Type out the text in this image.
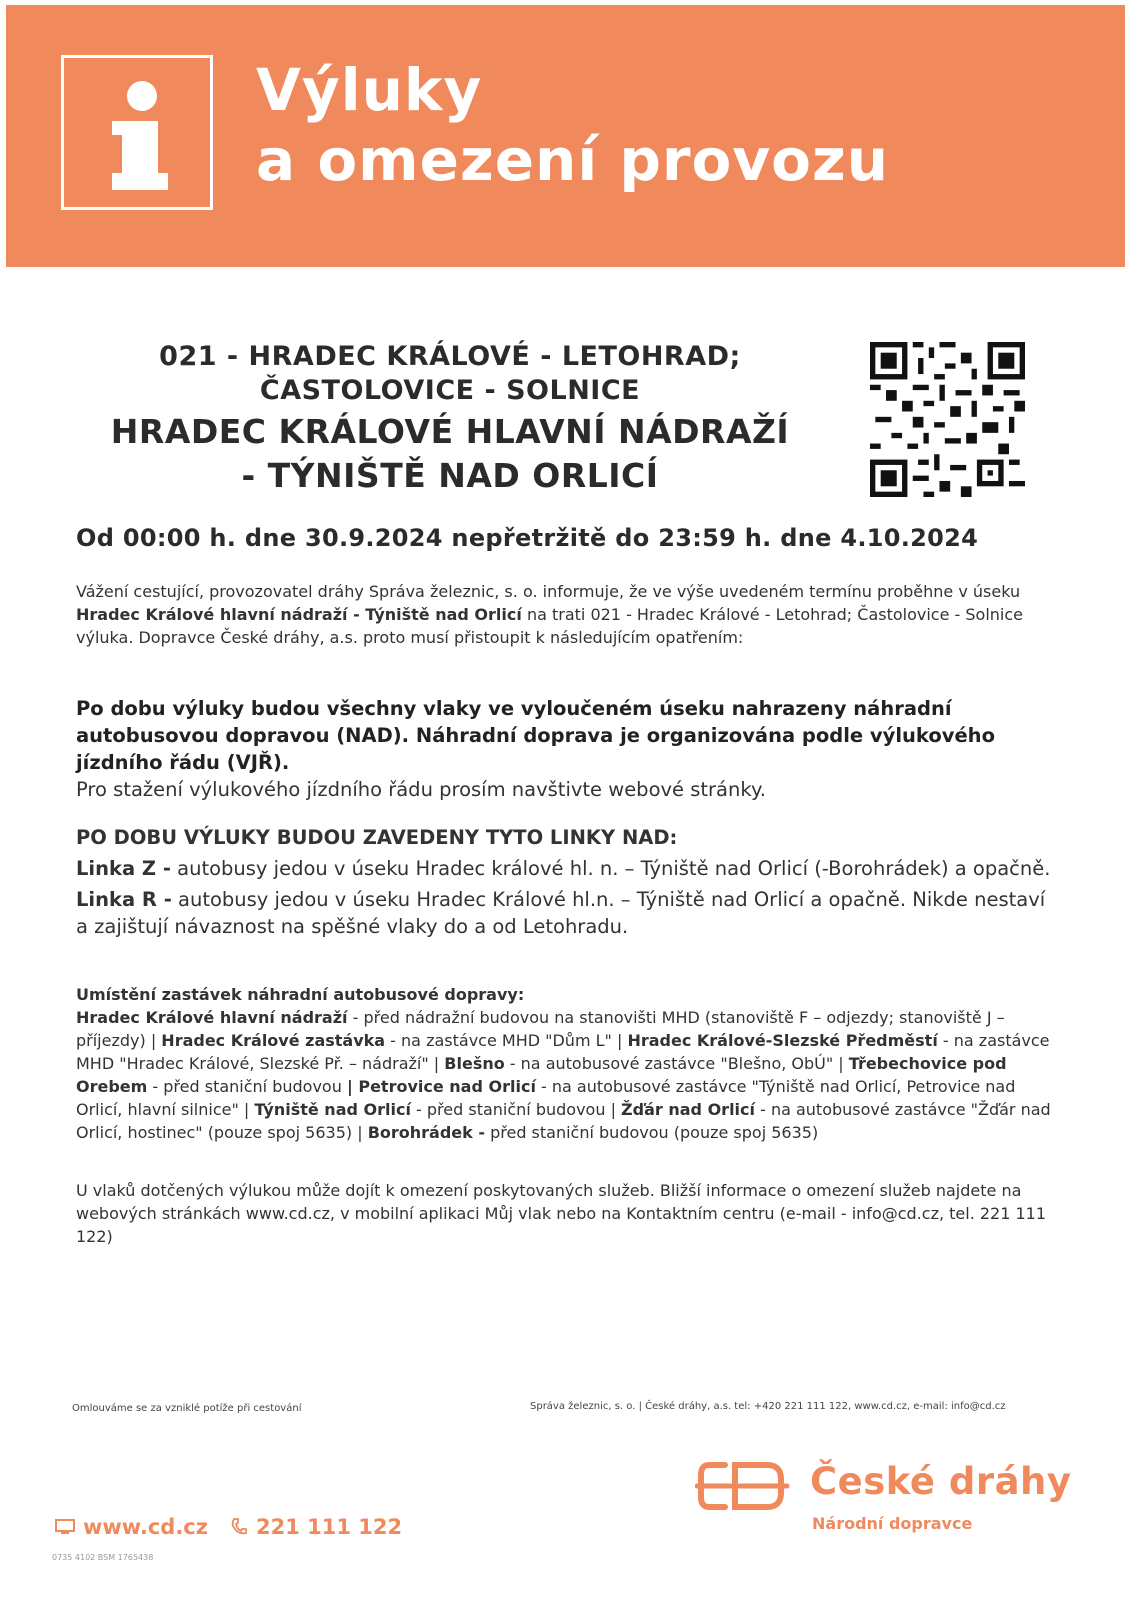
Výluky
a omezení provozu
021 - HRADEC KRÁLOVÉ - LETOHRAD;
ČASTOLOVICE - SOLNICE
HRADEC KRÁLOVÉ HLAVNÍ NÁDRAŽÍ
- TÝNIŠTĚ NAD ORLICÍ
Od 00:00 h. dne 30.9.2024 nepřetržitě do 23:59 h. dne 4.10.2024
Vážení cestující, provozovatel dráhy Správa železnic, s. o. informuje, že ve výše uvedeném termínu proběhne v úseku Hradec Králové hlavní nádraží - Týniště nad Orlicí na trati 021 - Hradec Králové - Letohrad; Častolovice - Solnice výluka. Dopravce České dráhy, a.s. proto musí přistoupit k následujícím opatřením:
Po dobu výluky budou všechny vlaky ve vyloučeném úseku nahrazeny náhradní autobusovou dopravou (NAD). Náhradní doprava je organizována podle výlukového jízdního řádu (VJŘ).
Pro stažení výlukového jízdního řádu prosím navštivte webové stránky.
PO DOBU VÝLUKY BUDOU ZAVEDENY TYTO LINKY NAD:
Linka Z - autobusy jedou v úseku Hradec králové hl. n. – Týniště nad Orlicí (-Borohrádek) a opačně.
Linka R - autobusy jedou v úseku Hradec Králové hl.n. – Týniště nad Orlicí a opačně. Nikde nestaví a zajištují návaznost na spěšné vlaky do a od Letohradu.
Umístění zastávek náhradní autobusové dopravy:
Hradec Králové hlavní nádraží - před nádražní budovou na stanovišti MHD (stanoviště F – odjezdy; stanoviště J – příjezdy) | Hradec Králové zastávka - na zastávce MHD "Dům L" | Hradec Králové-Slezské Předměstí - na zastávce MHD "Hradec Králové, Slezské Př. – nádraží" | Blešno - na autobusové zastávce "Blešno, ObÚ" | Třebechovice pod Orebem - před staniční budovou | Petrovice nad Orlicí - na autobusové zastávce "Týniště nad Orlicí, Petrovice nad Orlicí, hlavní silnice" | Týniště nad Orlicí - před staniční budovou | Žďár nad Orlicí - na autobusové zastávce "Žďár nad Orlicí, hostinec" (pouze spoj 5635) | Borohrádek - před staniční budovou (pouze spoj 5635)
U vlaků dotčených výlukou může dojít k omezení poskytovaných služeb. Bližší informace o omezení služeb najdete na webových stránkách www.cd.cz, v mobilní aplikaci Můj vlak nebo na Kontaktním centru (e-mail - info@cd.cz, tel. 221 111 122)
Omlouváme se za vzniklé potíže při cestování	Správa železnic, s. o. | České dráhy, a.s. tel: +420 221 111 122, www.cd.cz, e-mail: info@cd.cz
www.cd.cz 221 111 122
0735 4102 BSM 1765438
České dráhy
Národní dopravce
